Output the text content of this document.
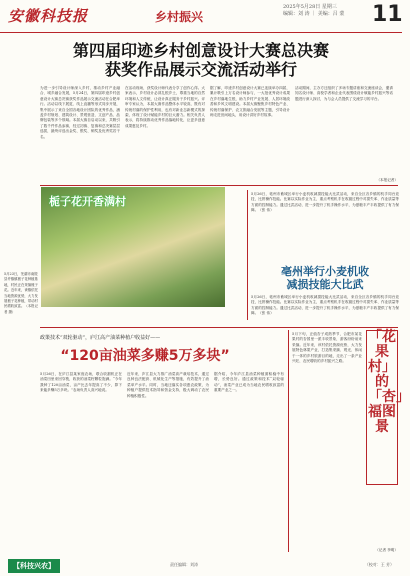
安徽科技报	乡村振兴
2025年5月28日 星期三
编辑：刘 涛 ｜ 美编：吕 蒙	11
第四届印迹乡村创意设计大赛总决赛
获奖作品展示交流活动举行
为进一步引导设计师深入乡村，推动乡村产业融合、城乡融合发展，5月24日，第四届印迹乡村创意设计大赛总决赛获奖作品展示交流活动在合肥举行。活动以线下展览、线上直播等形式同步开展，集中展示了来自全国各地设计团队的优秀作品，涵盖乡村规划、建筑设计、景观营造、文创产品、品牌包装等多个领域。本届大赛自启动以来，共吸引了数千件作品参赛，经过初赛、复赛和总决赛层层选拔，最终评选出金奖、银奖、铜奖及优秀奖若干名。
在活动现场，获奖设计师代表分享了创作心得。大家表示，乡村设计必须扎根乡土，尊重当地的自然环境和人文传统，让设计真正服务于乡村振兴。评审专家认为，本届大赛作品整体水平较高，既有对传统村落的保护性利用，也有对新业态新模式的探索，体现了设计赋能乡村的巨大潜力。相关负责人表示，将持续推动优秀作品落地转化，让更多创意成果惠及乡村。
据了解，印迹乡村创意设计大赛已连续举办四届，累计吸引上万名设计师参与，一大批优秀设计成果在乡村落地生根，助力乡村产业发展、人居环境改善和乡风文明建设。本届大赛聚焦乡村特色产业、传统村落保护、农文旅融合发展等主题，引导设计师走进田间地头，用设计讲好乡村故事。
活动期间，主办方还组织了多场专题讲座和交流座谈会，邀请知名设计师、高校学者和企业代表围绕设计赋能乡村振兴等话题进行深入探讨，为与会人员提供了交流学习的平台。
（本报记者）
栀子花开香满村
5月23日，芜湖市南陵县许镇镇栀子花种植基地，村民正在采摘栀子花。近年来，该镇依托当地资源优势，大力发展栀子花种植，带动村民增收致富。（本报记者 摄）
5月26日，亳州市谯城区举行小麦机收减损技能大比武活动，来自全区各乡镇的机手同台竞技，比拼操作技能。比赛以实际作业为主，重点考察机手在收割过程中对损失率、作业质量等方面的控制能力。通过比武活动，进一步提升了机手操作水平，为夏粮丰产丰收提供了有力保障。（张 伟）
亳州举行小麦机收
减损技能大比武
5月26日，亳州市谯城区举行小麦机收减损技能大比武活动，来自全区各乡镇的机手同台竞技，比拼操作技能。比赛以实际作业为主，重点考察机手在收割过程中对损失率、作业质量等方面的控制能力。通过比武活动，进一步提升了机手操作水平，为夏粮丰产丰收提供了有力保障。（张 伟）
政策技术“双轮驱动”，庐江高产油菜种植户收益好——
“120亩油菜多赚5万多块”
5月26日，在庐江县某家庭农场，联合收割机正在油菜田里来回穿梭，收获的油菜籽颗粒饱满。“今年我种了120亩油菜，亩产比去年提高了不少，算下来能多赚5万多块。”农场负责人高兴地说。
近年来，庐江县大力推广油菜高产栽培技术，通过良种良法配套、机械化生产等措施，有效提升了油菜单产水平。同时，当地还落实各项惠农政策，为种植户提供技术指导和资金支持，极大调动了农民种植积极性。
据介绍，今年庐江县油菜种植面积稳中有增，长势良好。通过政策和技术“双轮驱动”，油菜产业已成为当地农民增收致富的重要产业之一。
5月下旬，正值杏子成熟季节，合肥市某花果村的杏园里一派丰收景象，游客纷纷前来采摘。近年来，该村依托资源优势，大力发展特色林果产业，打造集采摘、观光、休闲于一体的乡村旅游目的地，走出了一条产业兴旺、农民增收的乡村振兴之路。
「花果村」的「杏」福图景
（记者 李明）
【科技兴农】	责任编辑：刘涛	（校对：王 芳）
